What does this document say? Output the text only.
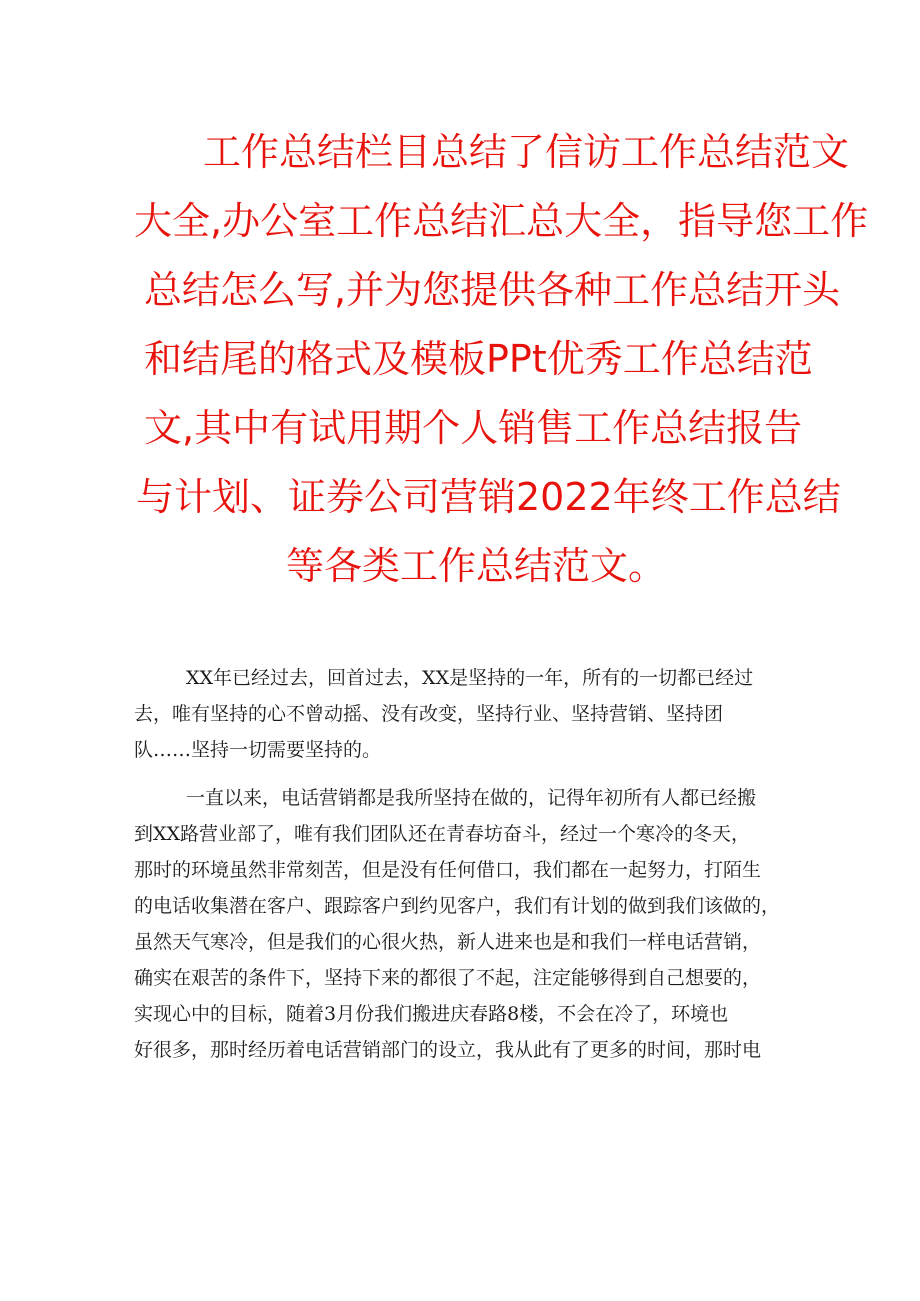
工作总结栏目总结了信访工作总结范文
大全,办公室工作总结汇总大全，指导您工作
总结怎么写,并为您提供各种工作总结开头
和结尾的格式及模板PPt优秀工作总结范
文,其中有试用期个人销售工作总结报告
与计划、证券公司营销2022年终工作总结
等各类工作总结范文。

XX年已经过去，回首过去，XX是坚持的一年，所有的一切都已经过
去，唯有坚持的心不曾动摇、没有改变，坚持行业、坚持营销、坚持团
队……坚持一切需要坚持的。

一直以来，电话营销都是我所坚持在做的，记得年初所有人都已经搬
到XX路营业部了，唯有我们团队还在青春坊奋斗，经过一个寒冷的冬天，
那时的环境虽然非常刻苦，但是没有任何借口，我们都在一起努力，打陌生
的电话收集潜在客户、跟踪客户到约见客户，我们有计划的做到我们该做的，
虽然天气寒冷，但是我们的心很火热，新人进来也是和我们一样电话营销，
确实在艰苦的条件下，坚持下来的都很了不起，注定能够得到自己想要的，
实现心中的目标，随着3月份我们搬进庆春路8楼，不会在冷了，环境也
好很多，那时经历着电话营销部门的设立，我从此有了更多的时间，那时电
